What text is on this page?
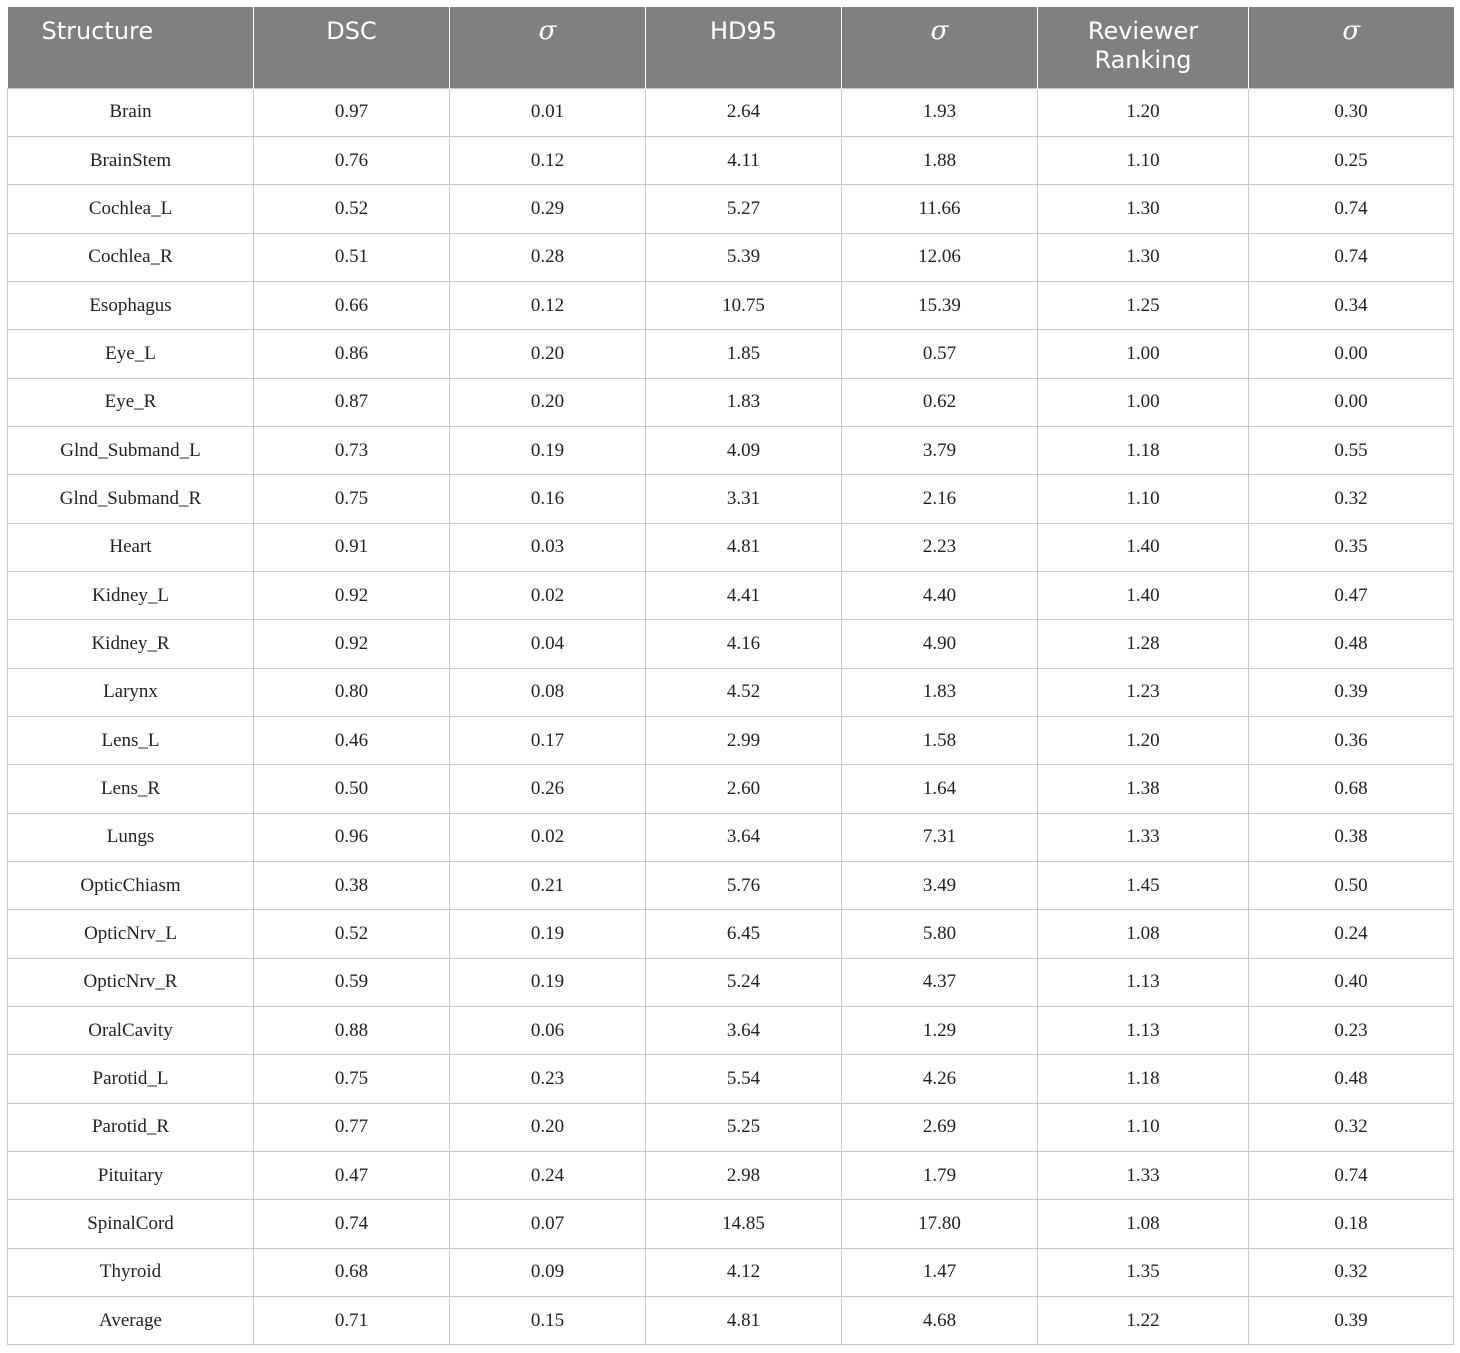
Structure	DSC	σ	HD95	σ	Reviewer Ranking	σ
Brain	0.97	0.01	2.64	1.93	1.20	0.30
BrainStem	0.76	0.12	4.11	1.88	1.10	0.25
Cochlea_L	0.52	0.29	5.27	11.66	1.30	0.74
Cochlea_R	0.51	0.28	5.39	12.06	1.30	0.74
Esophagus	0.66	0.12	10.75	15.39	1.25	0.34
Eye_L	0.86	0.20	1.85	0.57	1.00	0.00
Eye_R	0.87	0.20	1.83	0.62	1.00	0.00
Glnd_Submand_L	0.73	0.19	4.09	3.79	1.18	0.55
Glnd_Submand_R	0.75	0.16	3.31	2.16	1.10	0.32
Heart	0.91	0.03	4.81	2.23	1.40	0.35
Kidney_L	0.92	0.02	4.41	4.40	1.40	0.47
Kidney_R	0.92	0.04	4.16	4.90	1.28	0.48
Larynx	0.80	0.08	4.52	1.83	1.23	0.39
Lens_L	0.46	0.17	2.99	1.58	1.20	0.36
Lens_R	0.50	0.26	2.60	1.64	1.38	0.68
Lungs	0.96	0.02	3.64	7.31	1.33	0.38
OpticChiasm	0.38	0.21	5.76	3.49	1.45	0.50
OpticNrv_L	0.52	0.19	6.45	5.80	1.08	0.24
OpticNrv_R	0.59	0.19	5.24	4.37	1.13	0.40
OralCavity	0.88	0.06	3.64	1.29	1.13	0.23
Parotid_L	0.75	0.23	5.54	4.26	1.18	0.48
Parotid_R	0.77	0.20	5.25	2.69	1.10	0.32
Pituitary	0.47	0.24	2.98	1.79	1.33	0.74
SpinalCord	0.74	0.07	14.85	17.80	1.08	0.18
Thyroid	0.68	0.09	4.12	1.47	1.35	0.32
Average	0.71	0.15	4.81	4.68	1.22	0.39
